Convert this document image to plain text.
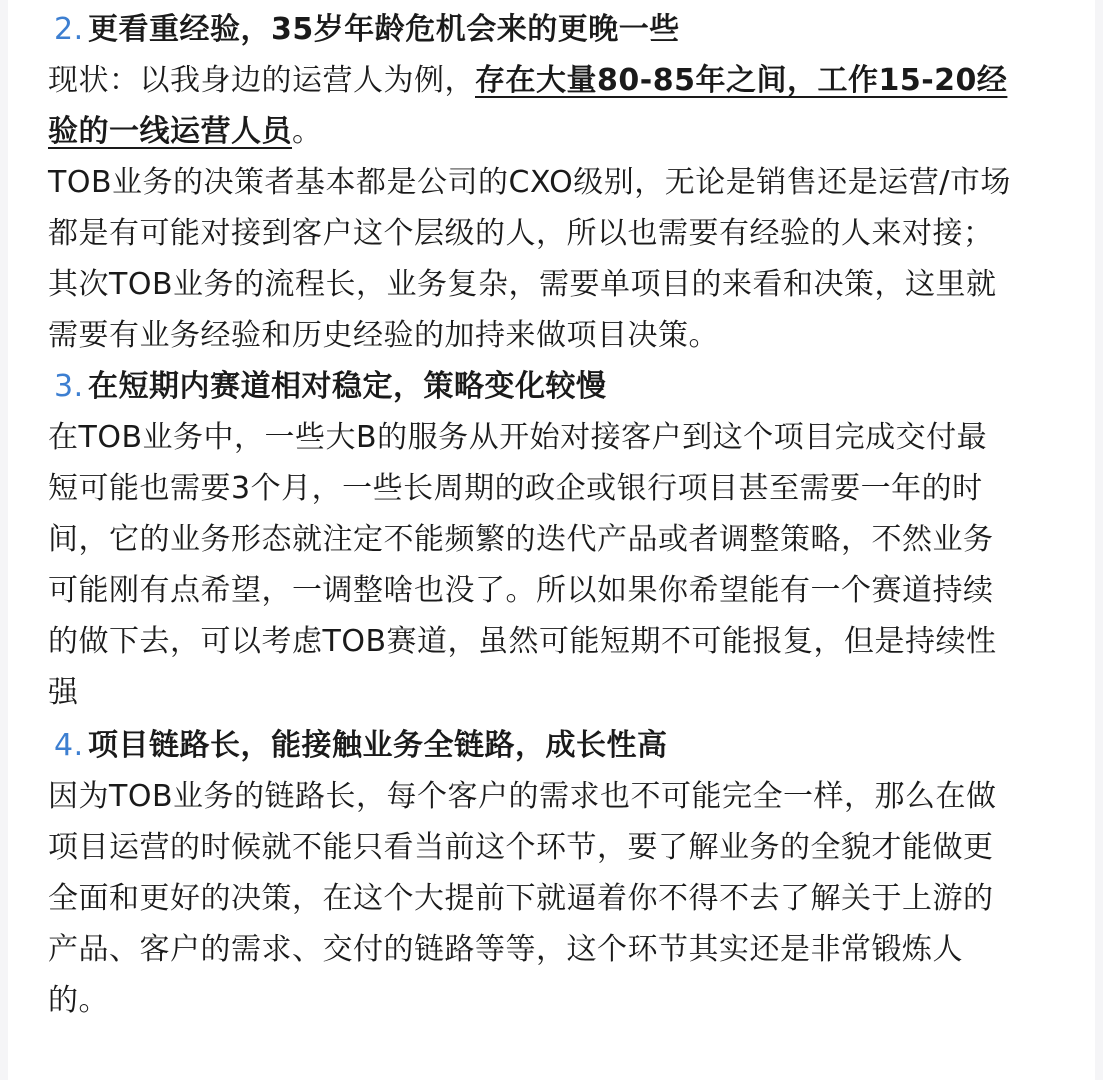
2. 更看重经验，35岁年龄危机会来的更晚一些
现状：以我身边的运营人为例，存在大量80-85年之间，工作15-20经
验的一线运营人员。
TOB业务的决策者基本都是公司的CXO级别，无论是销售还是运营/市场
都是有可能对接到客户这个层级的人，所以也需要有经验的人来对接；
其次TOB业务的流程长，业务复杂，需要单项目的来看和决策，这里就
需要有业务经验和历史经验的加持来做项目决策。
3. 在短期内赛道相对稳定，策略变化较慢
在TOB业务中，一些大B的服务从开始对接客户到这个项目完成交付最
短可能也需要3个月，一些长周期的政企或银行项目甚至需要一年的时
间，它的业务形态就注定不能频繁的迭代产品或者调整策略，不然业务
可能刚有点希望，一调整啥也没了。所以如果你希望能有一个赛道持续
的做下去，可以考虑TOB赛道，虽然可能短期不可能报复，但是持续性
强
4. 项目链路长，能接触业务全链路，成长性高
因为TOB业务的链路长，每个客户的需求也不可能完全一样，那么在做
项目运营的时候就不能只看当前这个环节，要了解业务的全貌才能做更
全面和更好的决策，在这个大提前下就逼着你不得不去了解关于上游的
产品、客户的需求、交付的链路等等，这个环节其实还是非常锻炼人
的。
